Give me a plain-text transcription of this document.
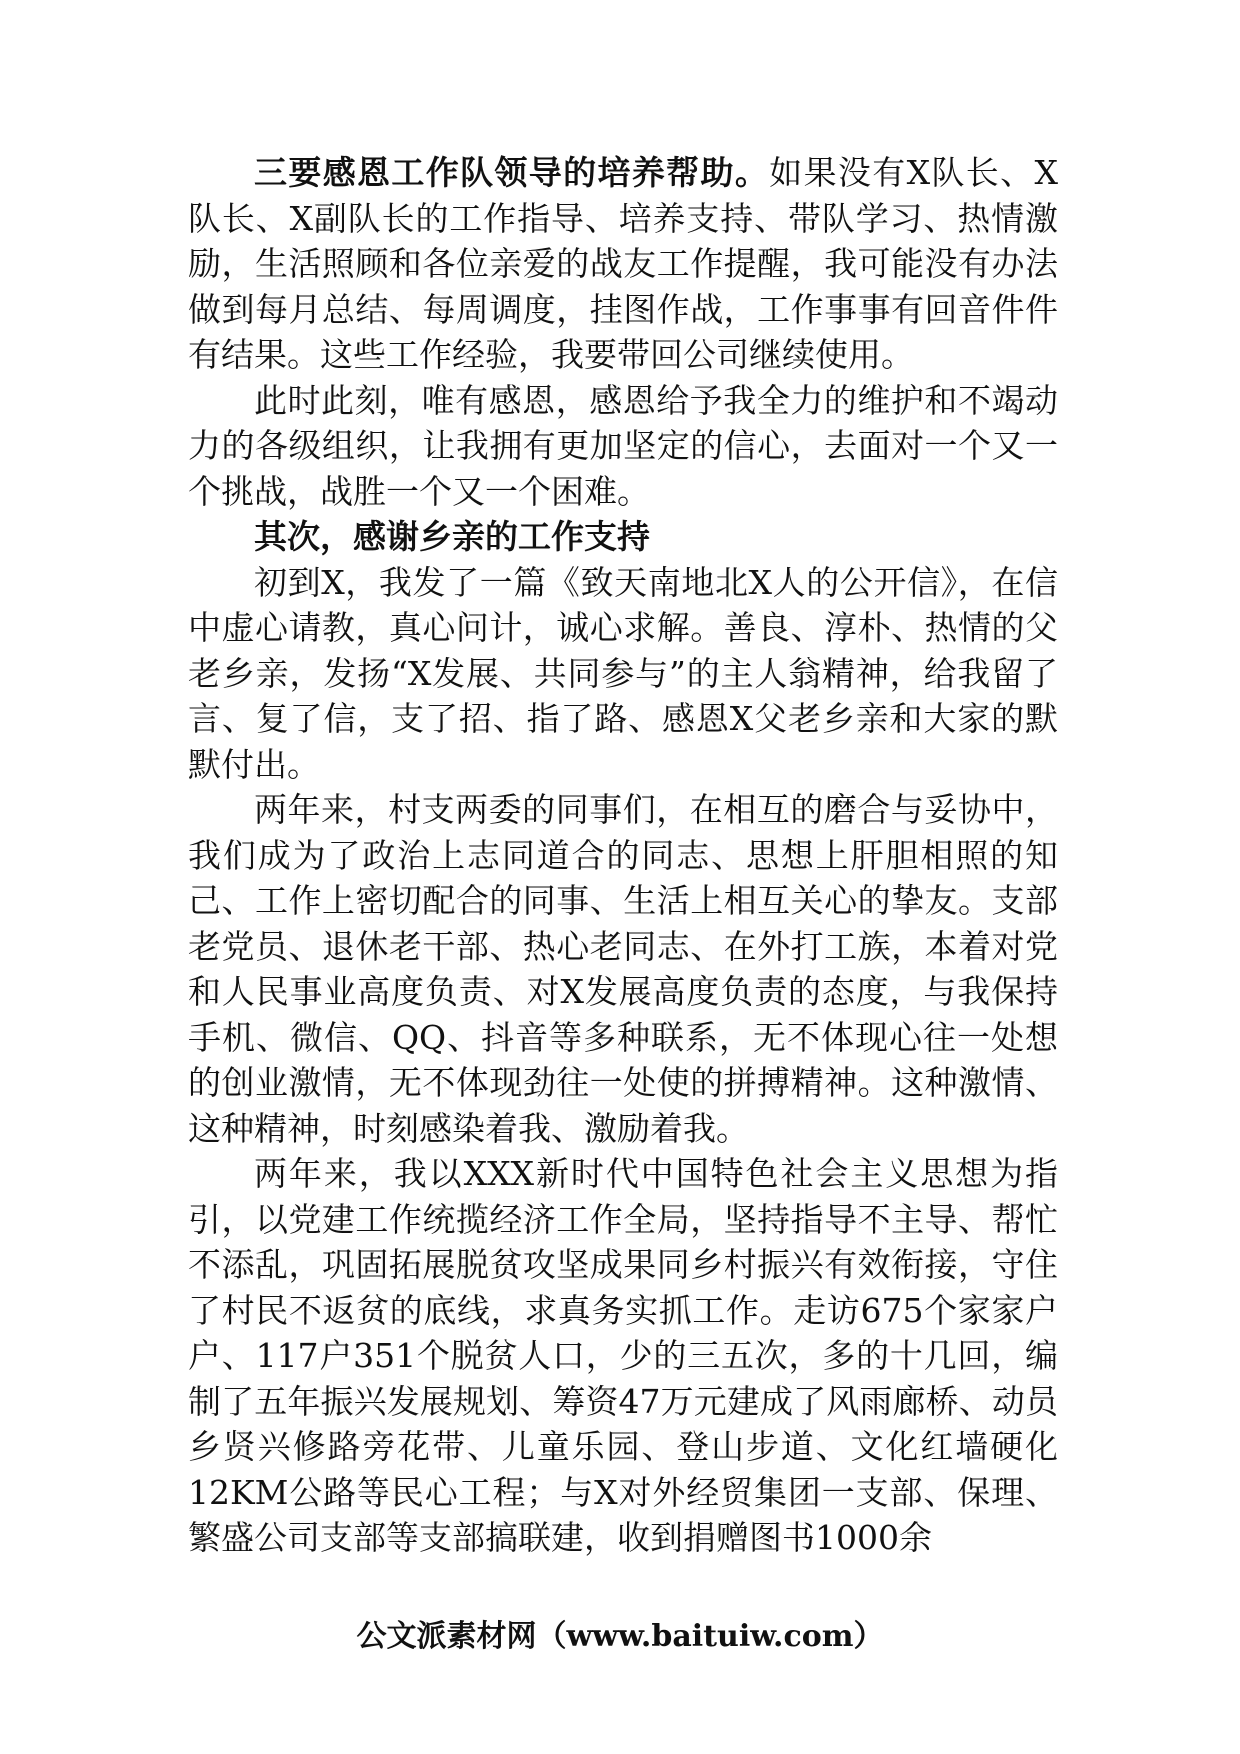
三要感恩工作队领导的培养帮助。如果没有X队长、X队长、X副队长的工作指导、培养支持、带队学习、热情激励，生活照顾和各位亲爱的战友工作提醒，我可能没有办法做到每月总结、每周调度，挂图作战，工作事事有回音件件有结果。这些工作经验，我要带回公司继续使用。

此时此刻，唯有感恩，感恩给予我全力的维护和不竭动力的各级组织，让我拥有更加坚定的信心，去面对一个又一个挑战，战胜一个又一个困难。

其次，感谢乡亲的工作支持

初到X，我发了一篇《致天南地北X人的公开信》，在信中虚心请教，真心问计，诚心求解。善良、淳朴、热情的父老乡亲，发扬“X发展、共同参与”的主人翁精神，给我留了言、复了信，支了招、指了路、感恩X父老乡亲和大家的默默付出。

两年来，村支两委的同事们，在相互的磨合与妥协中，我们成为了政治上志同道合的同志、思想上肝胆相照的知己、工作上密切配合的同事、生活上相互关心的挚友。支部老党员、退休老干部、热心老同志、在外打工族，本着对党和人民事业高度负责、对X发展高度负责的态度，与我保持手机、微信、QQ、抖音等多种联系，无不体现心往一处想的创业激情，无不体现劲往一处使的拼搏精神。这种激情、这种精神，时刻感染着我、激励着我。

两年来，我以XXX新时代中国特色社会主义思想为指引，以党建工作统揽经济工作全局，坚持指导不主导、帮忙不添乱，巩固拓展脱贫攻坚成果同乡村振兴有效衔接，守住了村民不返贫的底线，求真务实抓工作。走访675个家家户户、117户351个脱贫人口，少的三五次，多的十几回，编制了五年振兴发展规划、筹资47万元建成了风雨廊桥、动员乡贤兴修路旁花带、儿童乐园、登山步道、文化红墙硬化12KM公路等民心工程；与X对外经贸集团一支部、保理、繁盛公司支部等支部搞联建，收到捐赠图书1000余

公文派素材网（www.baituiw.com）
